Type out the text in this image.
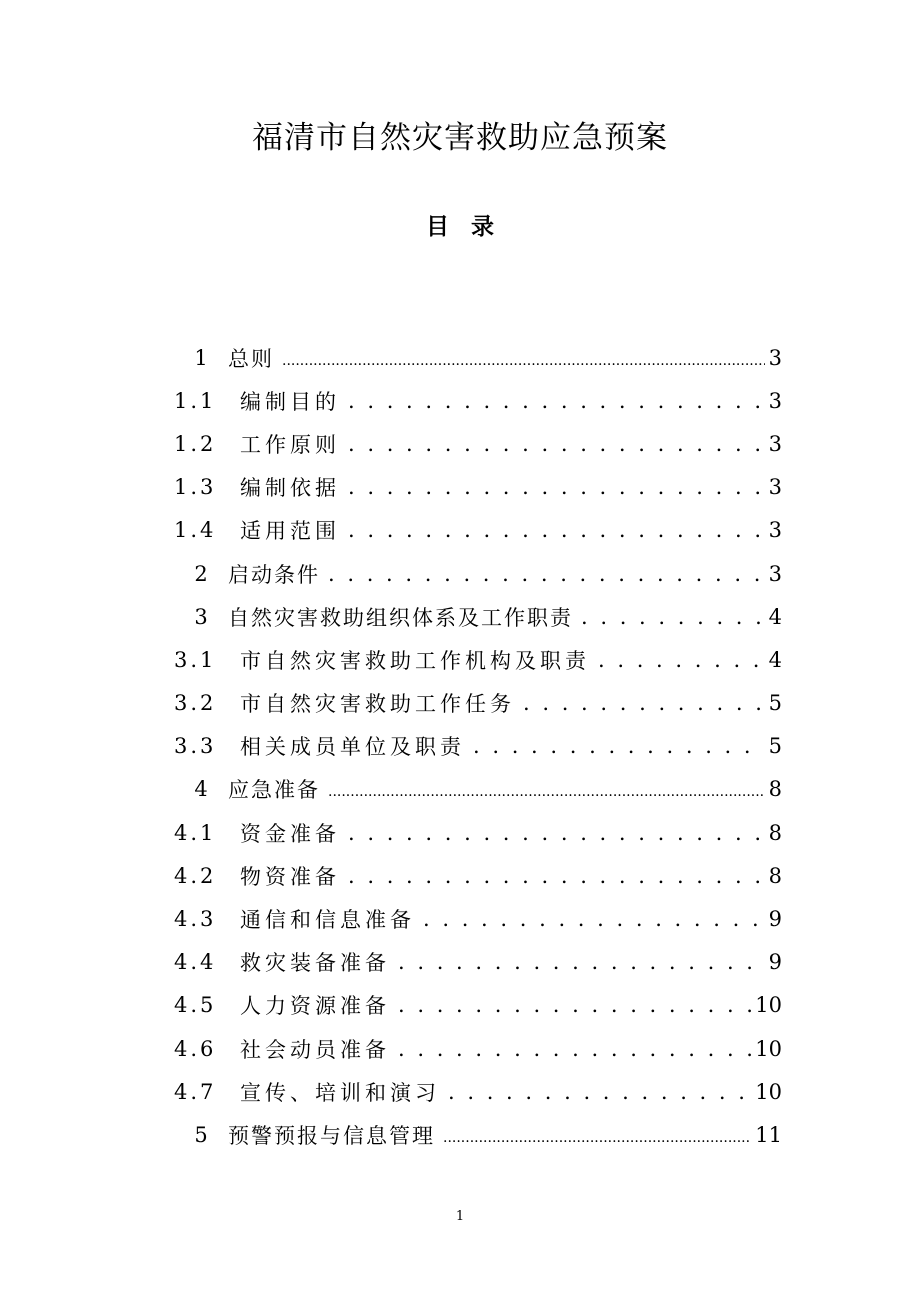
福清市自然灾害救助应急预案
目 录
1 总则 .....	3
1.1	编制目的 . . .	3
1.2	工作原则 . . .	3
1.3	编制依据 . . .	3
1.4	适用范围 . . .	3
2 启动条件 . . .	3
3 自然灾害救助组织体系及工作职责 . . .	4
3.1	市自然灾害救助工作机构及职责 . . .	4
3.2	市自然灾害救助工作任务 . . .	5
3.3	相关成员单位及职责 . . .	5
4 应急准备 .....	8
4.1	资金准备 . . .	8
4.2	物资准备 . . .	8
4.3	通信和信息准备 . . .	9
4.4	救灾装备准备 . . .	9
4.5	人力资源准备 . . .	10
4.6	社会动员准备 . . .	10
4.7	宣传、培训和演习 . . .	10
5 预警预报与信息管理 .....	11
1
